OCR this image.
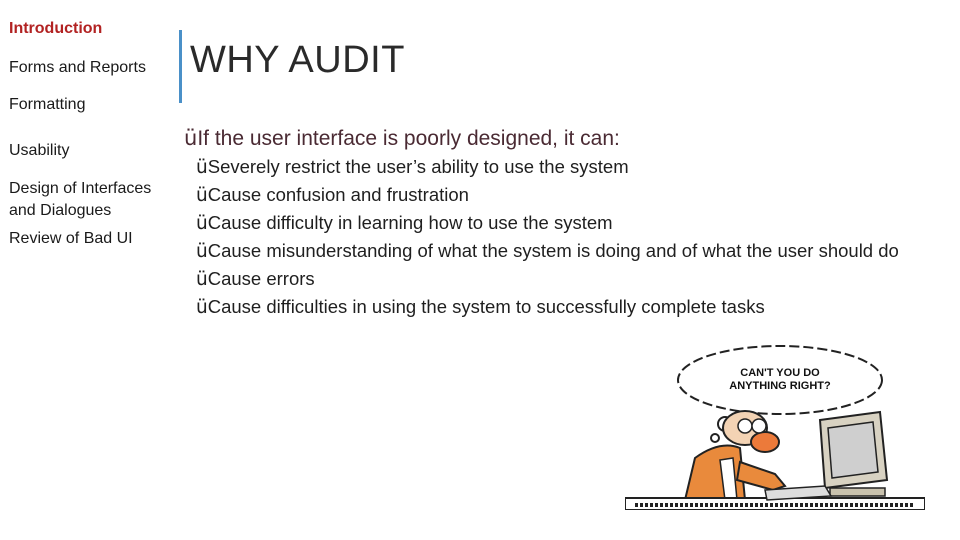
Introduction
Forms and Reports
Formatting
Usability
Design of Interfaces and Dialogues
Review of Bad UI
WHY AUDIT
üIf the user interface is poorly designed, it can:
üSeverely restrict the user’s ability to use the system
üCause confusion and frustration
üCause difficulty in learning how to use the system
üCause misunderstanding of what the system is doing and of what the user should do
üCause errors
üCause difficulties in using the system to successfully complete tasks
CAN'T YOU DO
ANYTHING RIGHT?
